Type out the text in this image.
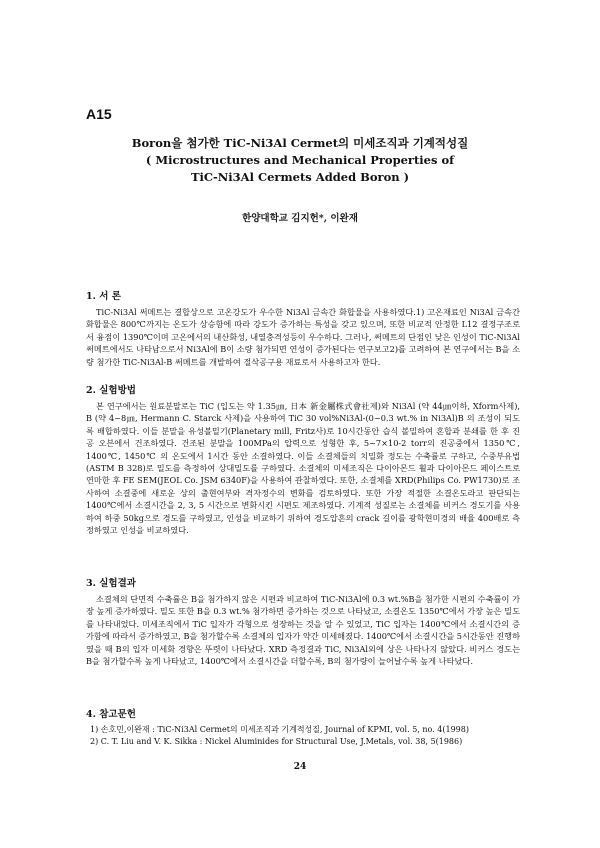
A15
Boron을 첨가한 TiC-Ni3Al Cermet의 미세조직과 기계적성질
( Microstructures and Mechanical Properties of
TiC-Ni3Al Cermets Added Boron )
한양대학교 김지헌*, 이완재
1. 서 론

TiC-Ni3Al 써메트는 결합상으로 고온강도가 우수한 Ni3Al 금속간 화합물을 사용하였다.1) 고온재료인 Ni3Al 금속간 화합물은 800℃까지는 온도가 상승함에 따라 강도가 증가하는 특성을 갖고 있으며, 또한 비교적 안정한 L12 결정구조로서 융점이 1390℃이며 고온에서의 내산화성, 내열충격성등이 우수하다. 그러나, 써메트의 단점인 낮은 인성이 TiC-Ni3Al 써메트에서도 나타남으로서 Ni3Al에 B이 소량 첨가되면 연성이 증가된다는 연구보고2)를 고려하여 본 연구에서는 B을 소량 첨가한 TiC-Ni3Al-B 써메트를 개발하여 절삭공구용 재료로서 사용하고자 한다.

2. 실험방법

본 연구에서는 원료분말로는 TiC (입도는 약 1.35㎛, 日本 新金屬株式會社제)와 Ni3Al (약 44㎛이하, Xform사제), B (약 4~8㎛, Hermann C. Starck 사제)을 사용하여 TiC 30 vol%Ni3Al-(0~0.3 wt.% in Ni3Al)B 의 조성이 되도록 배합하였다. 이들 분말을 유성볼밀기(Planetary mill, Fritz사)로 10시간동안 습식 볼밀하여 혼합과 분쇄를 한 후 진공 오븐에서 건조하였다. 건조된 분말을 100MPa의 압력으로 성형한 후, 5~7×10-2 torr의 진공중에서 1350℃, 1400℃, 1450℃ 의 온도에서 1시간 동안 소결하였다. 이들 소결체들의 치밀화 정도는 수축률로 구하고, 수중부유법(ASTM B 328)로 밀도를 측정하여 상대밀도를 구하였다. 소결체의 미세조직은 다이아몬드 휠과 다이아몬드 페이스트로 연마한 후 FE SEM(JEOL Co. JSM 6340F)을 사용하여 관찰하였다. 또한, 소결체를 XRD(Philips Co. PW1730)로 조사하여 소결중에 새로운 상의 출현여부와 격자정수의 변화를 검토하였다. 또한 가장 적절한 소결온도라고 판단되는 1400℃에서 소결시간을 2, 3, 5 시간으로 변화시킨 시편도 제조하였다. 기계적 성질로는 소결체를 비커스 경도기를 사용하여 하중 50kg으로 경도를 구하였고, 인성을 비교하기 위하여 경도압흔의 crack 길이를 광학현미경의 배율 400배로 측정하였고 인성을 비교하였다.

3. 실험결과

소결체의 단면적 수축률은 B을 첨가하지 않은 시편과 비교하여 TiC-Ni3Al에 0.3 wt.%B을 첨가한 시편의 수축률이 가장 높게 증가하였다. 밀도 또한 B을 0.3 wt.% 첨가하면 증가하는 것으로 나타났고, 소결온도 1350℃에서 가장 높은 밀도를 나타내었다. 미세조직에서 TiC 입자가 각형으로 성장하는 것을 알 수 있었고, TiC 입자는 1400℃에서 소결시간의 증가함에 따라서 증가하였고, B을 첨가할수록 소결체의 입자가 약간 미세해졌다. 1400℃에서 소결시간을 5시간동안 진행하였을 때 B의 입자 미세화 경향은 뚜렷이 나타났다. XRD 측정결과 TiC, Ni3Al외에 상은 나타나지 않았다. 비커스 경도는 B을 첨가할수록 높게 나타났고, 1400℃에서 소결시간을 더할수록, B의 첨가량이 늘어날수록 높게 나타났다.

4. 참고문헌
1) 손호민,이완재 : TiC-Ni3Al Cermet의 미세조직과 기계적성질, Journal of KPMI, vol. 5, no. 4(1998)
2) C. T. Liu and V. K. Sikka : Nickel Aluminides for Structural Use, J.Metals, vol. 38, 5(1986)
24
